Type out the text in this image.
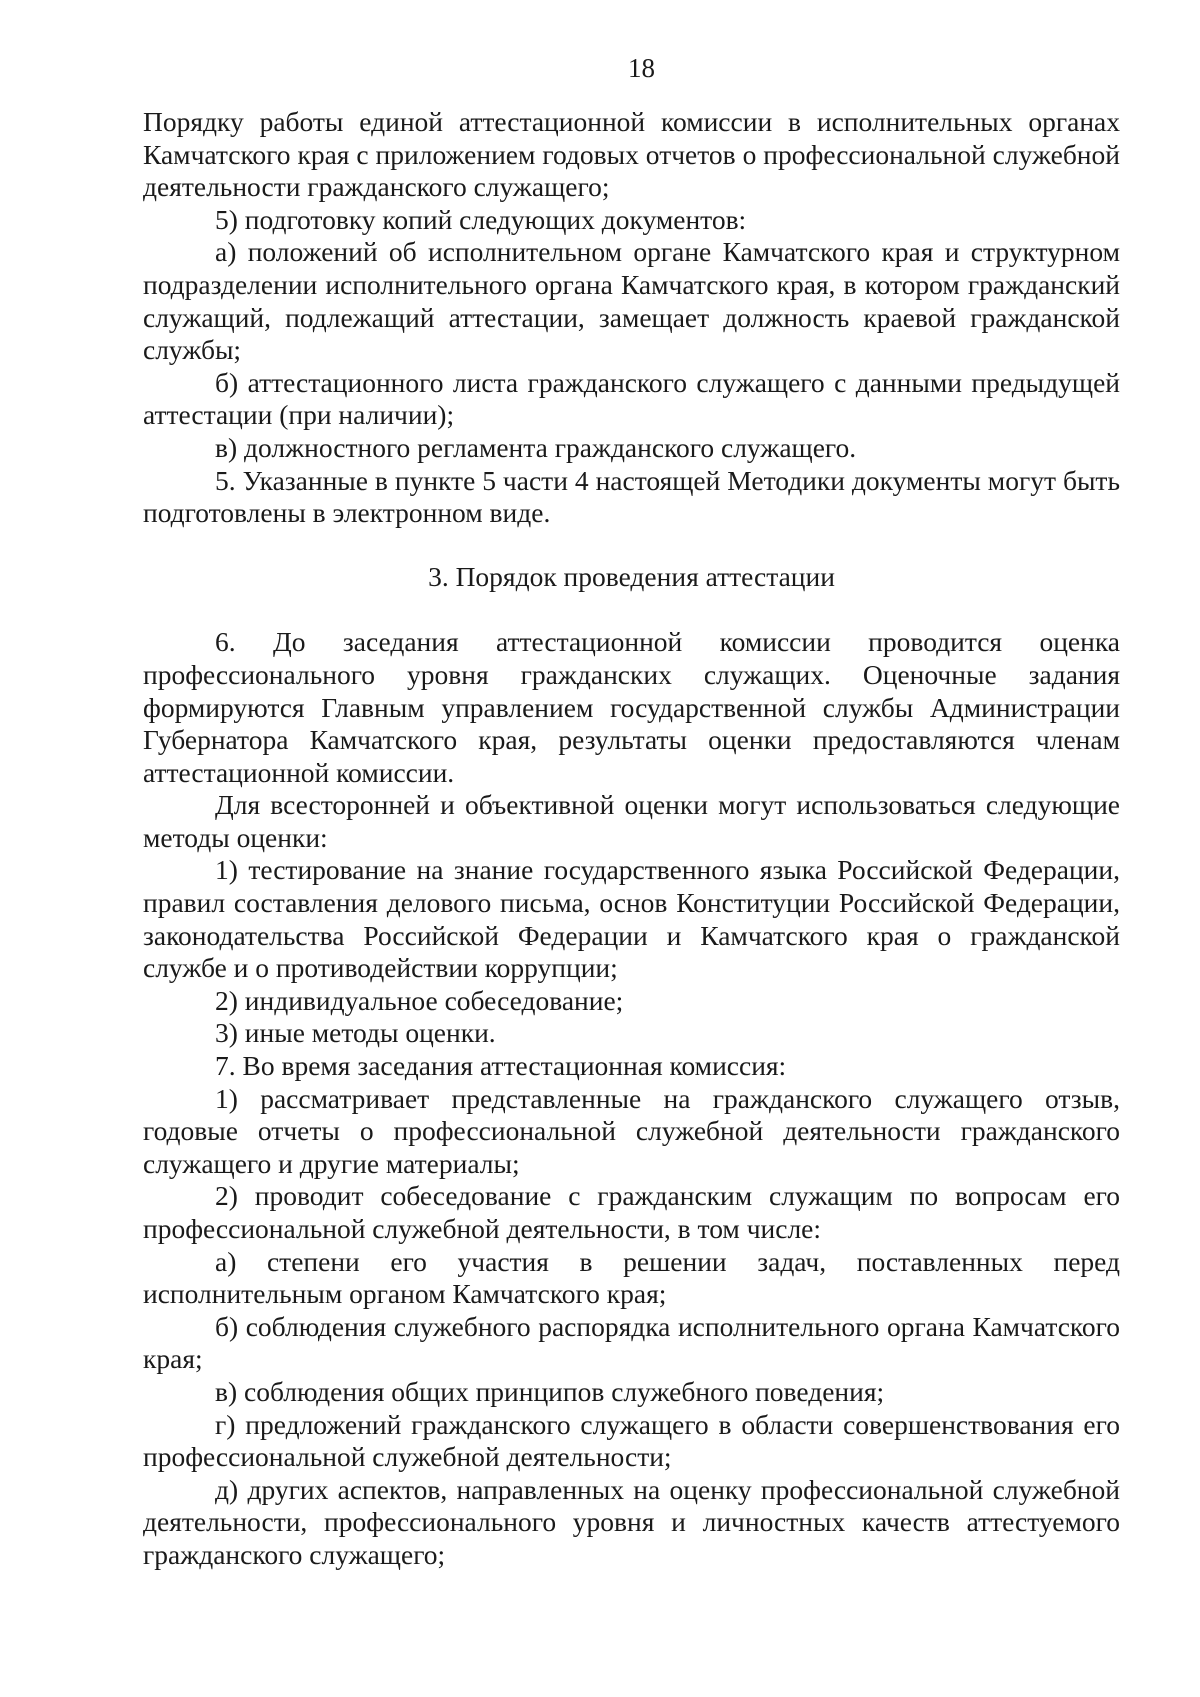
18

Порядку работы единой аттестационной комиссии в исполнительных органах Камчатского края с приложением годовых отчетов о профессиональной служебной деятельности гражданского служащего;

5) подготовку копий следующих документов:

а) положений об исполнительном органе Камчатского края и структурном подразделении исполнительного органа Камчатского края, в котором гражданский служащий, подлежащий аттестации, замещает должность краевой гражданской службы;

б) аттестационного листа гражданского служащего с данными предыдущей аттестации (при наличии);

в) должностного регламента гражданского служащего.

5. Указанные в пункте 5 части 4 настоящей Методики документы могут быть подготовлены в электронном виде.

3. Порядок проведения аттестации

6. До заседания аттестационной комиссии проводится оценка профессионального уровня гражданских служащих. Оценочные задания формируются Главным управлением государственной службы Администрации Губернатора Камчатского края, результаты оценки предоставляются членам аттестационной комиссии.

Для всесторонней и объективной оценки могут использоваться следующие методы оценки:

1) тестирование на знание государственного языка Российской Федерации, правил составления делового письма, основ Конституции Российской Федерации, законодательства Российской Федерации и Камчатского края о гражданской службе и о противодействии коррупции;

2) индивидуальное собеседование;

3) иные методы оценки.

7. Во время заседания аттестационная комиссия:

1) рассматривает представленные на гражданского служащего отзыв, годовые отчеты о профессиональной служебной деятельности гражданского служащего и другие материалы;

2) проводит собеседование с гражданским служащим по вопросам его профессиональной служебной деятельности, в том числе:

а) степени его участия в решении задач, поставленных перед исполнительным органом Камчатского края;

б) соблюдения служебного распорядка исполнительного органа Камчатского края;

в) соблюдения общих принципов служебного поведения;

г) предложений гражданского служащего в области совершенствования его профессиональной служебной деятельности;

д) других аспектов, направленных на оценку профессиональной служебной деятельности, профессионального уровня и личностных качеств аттестуемого гражданского служащего;
